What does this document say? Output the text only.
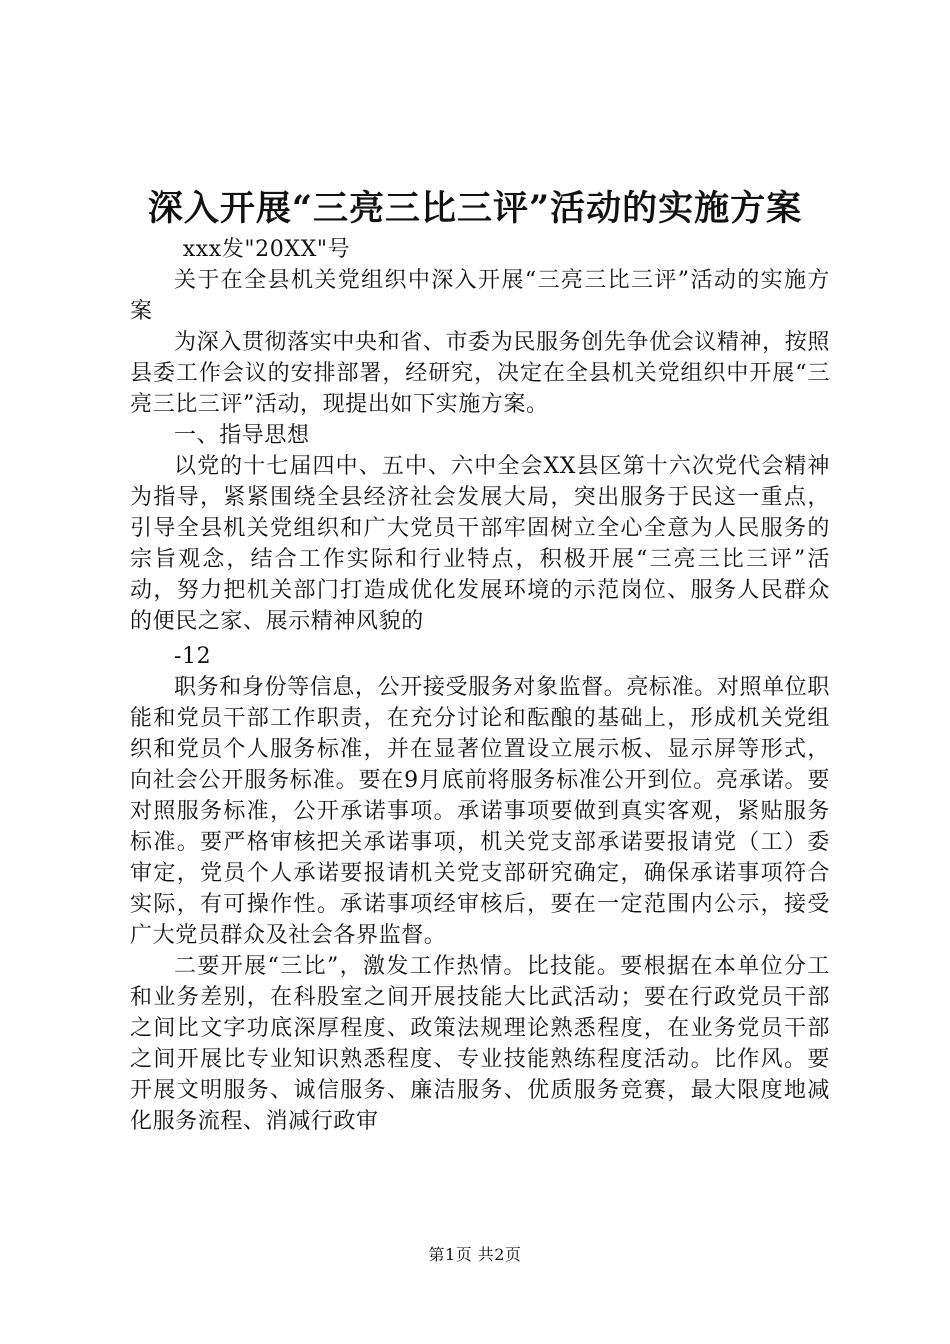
深入开展“三亮三比三评”活动的实施方案

xxx发"20XX"号

关于在全县机关党组织中深入开展“三亮三比三评”活动的实施方案

为深入贯彻落实中央和省、市委为民服务创先争优会议精神，按照县委工作会议的安排部署，经研究，决定在全县机关党组织中开展“三亮三比三评”活动，现提出如下实施方案。

一、指导思想

以党的十七届四中、五中、六中全会XX县区第十六次党代会精神为指导，紧紧围绕全县经济社会发展大局，突出服务于民这一重点，引导全县机关党组织和广大党员干部牢固树立全心全意为人民服务的宗旨观念，结合工作实际和行业特点，积极开展“三亮三比三评”活动，努力把机关部门打造成优化发展环境的示范岗位、服务人民群众的便民之家、展示精神风貌的

-12

职务和身份等信息，公开接受服务对象监督。亮标准。对照单位职能和党员干部工作职责，在充分讨论和酝酿的基础上，形成机关党组织和党员个人服务标准，并在显著位置设立展示板、显示屏等形式，向社会公开服务标准。要在9月底前将服务标准公开到位。亮承诺。要对照服务标准，公开承诺事项。承诺事项要做到真实客观，紧贴服务标准。要严格审核把关承诺事项，机关党支部承诺要报请党（工）委审定，党员个人承诺要报请机关党支部研究确定，确保承诺事项符合实际，有可操作性。承诺事项经审核后，要在一定范围内公示，接受广大党员群众及社会各界监督。

二要开展“三比”，激发工作热情。比技能。要根据在本单位分工和业务差别，在科股室之间开展技能大比武活动；要在行政党员干部之间比文字功底深厚程度、政策法规理论熟悉程度，在业务党员干部之间开展比专业知识熟悉程度、专业技能熟练程度活动。比作风。要开展文明服务、诚信服务、廉洁服务、优质服务竞赛，最大限度地减化服务流程、消减行政审

第1页 共2页
